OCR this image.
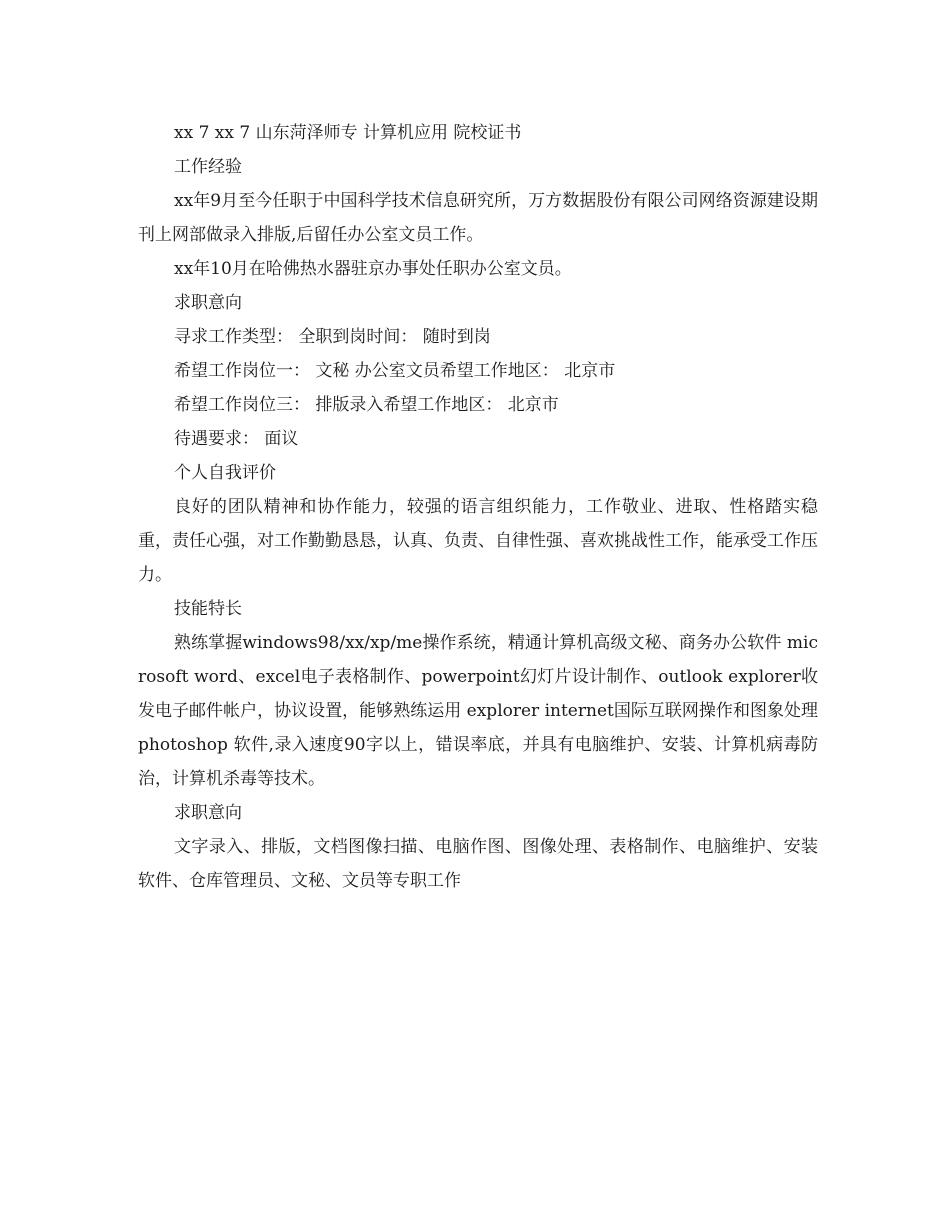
xx 7 xx 7 山东菏泽师专 计算机应用 院校证书

工作经验

xx年9月至今任职于中国科学技术信息研究所，万方数据股份有限公司网络资源建设期刊上网部做录入排版,后留任办公室文员工作。

xx年10月在哈佛热水器驻京办事处任职办公室文员。

求职意向

寻求工作类型： 全职到岗时间： 随时到岗

希望工作岗位一： 文秘 办公室文员希望工作地区： 北京市

希望工作岗位三： 排版录入希望工作地区： 北京市

待遇要求： 面议

个人自我评价

良好的团队精神和协作能力，较强的语言组织能力，工作敬业、进取、性格踏实稳重，责任心强，对工作勤勤恳恳，认真、负责、自律性强、喜欢挑战性工作，能承受工作压力。

技能特长

熟练掌握windows98/xx/xp/me操作系统，精通计算机高级文秘、商务办公软件 microsoft word、excel电子表格制作、powerpoint幻灯片设计制作、outlook explorer收发电子邮件帐户，协议设置，能够熟练运用 explorer internet国际互联网操作和图象处理 photoshop 软件,录入速度90字以上，错误率底，并具有电脑维护、安装、计算机病毒防治，计算机杀毒等技术。

求职意向

文字录入、排版，文档图像扫描、电脑作图、图像处理、表格制作、电脑维护、安装软件、仓库管理员、文秘、文员等专职工作
